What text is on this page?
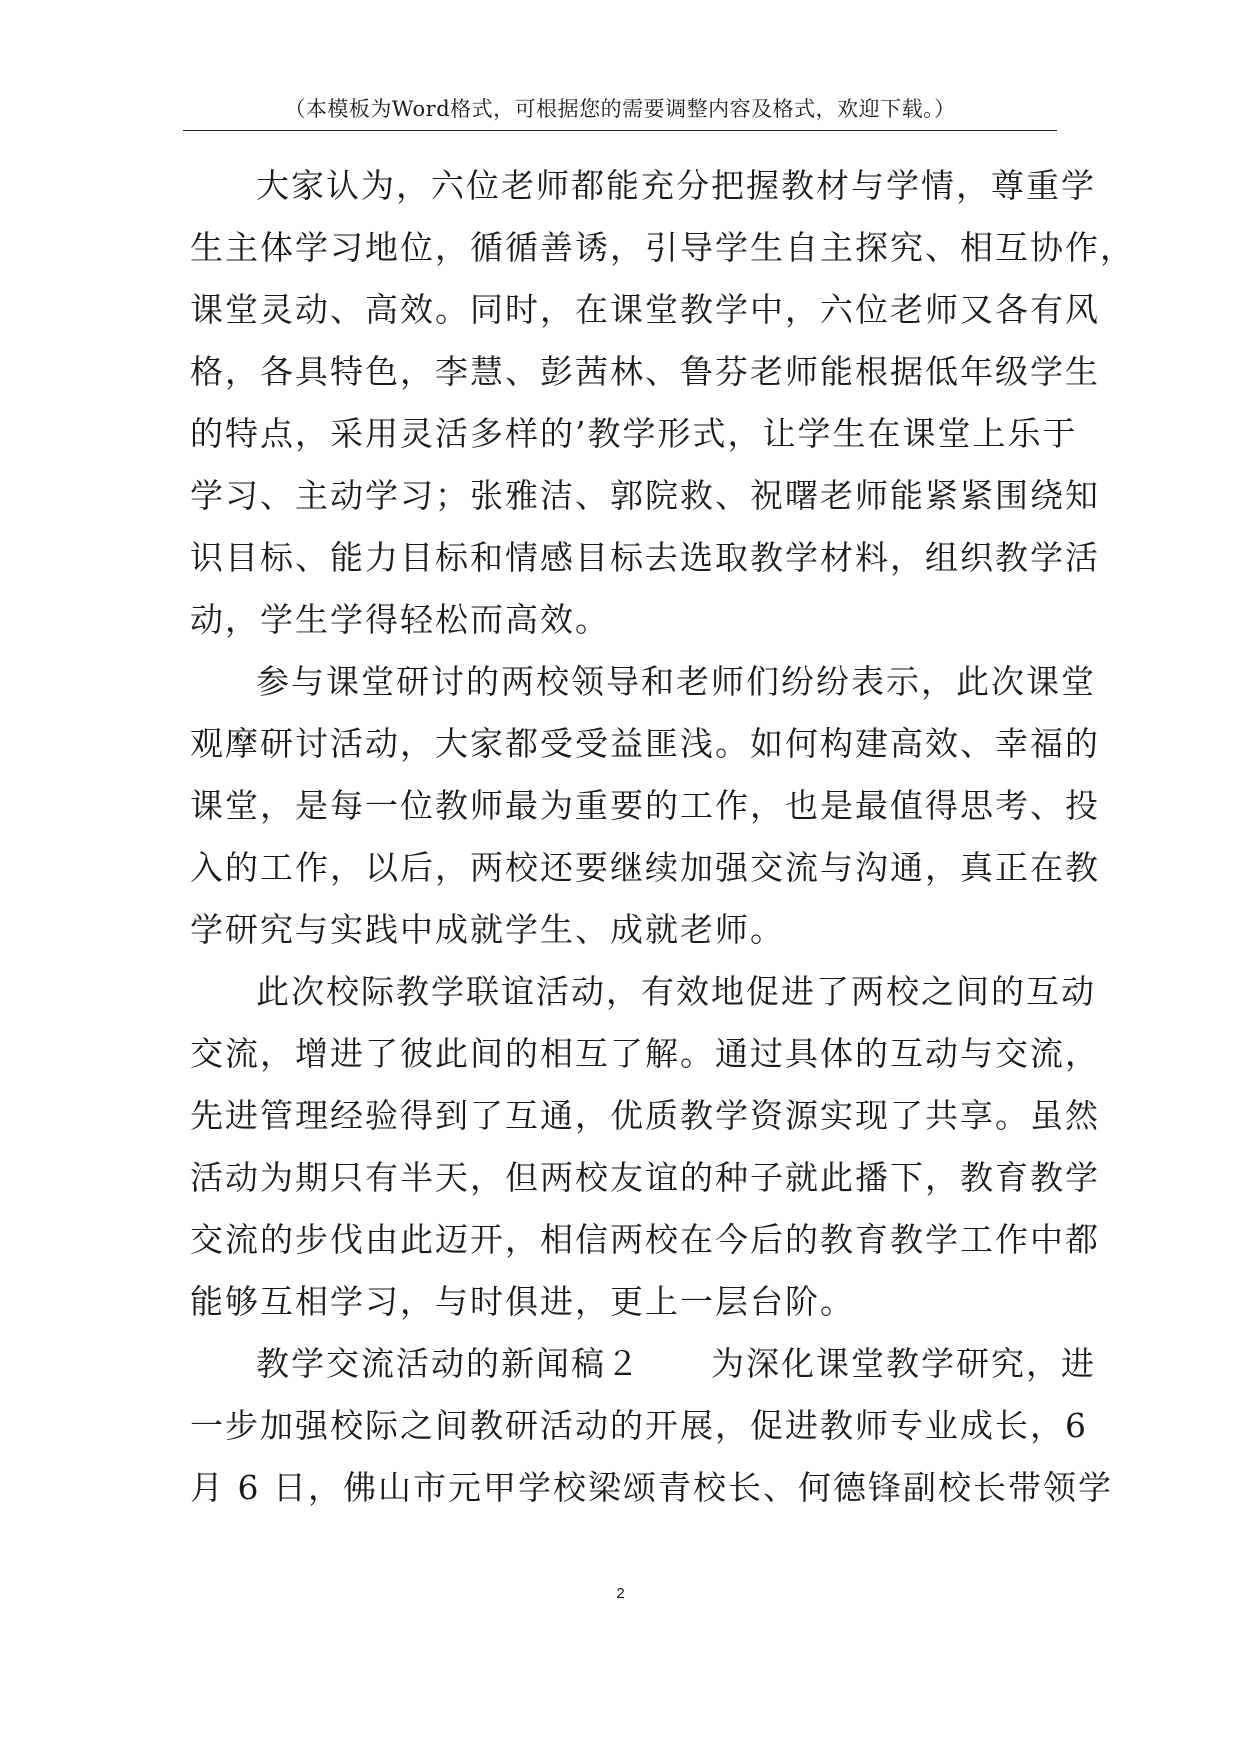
（本模板为Word格式，可根据您的需要调整内容及格式，欢迎下载。）
大家认为，六位老师都能充分把握教材与学情，尊重学
生主体学习地位，循循善诱，引导学生自主探究、相互协作，
课堂灵动、高效。同时，在课堂教学中，六位老师又各有风
格，各具特色，李慧、彭茜林、鲁芬老师能根据低年级学生
的特点，采用灵活多样的’教学形式，让学生在课堂上乐于
学习、主动学习；张雅洁、郭院救、祝曙老师能紧紧围绕知
识目标、能力目标和情感目标去选取教学材料，组织教学活
动，学生学得轻松而高效。
参与课堂研讨的两校领导和老师们纷纷表示，此次课堂
观摩研讨活动，大家都受受益匪浅。如何构建高效、幸福的
课堂，是每一位教师最为重要的工作，也是最值得思考、投
入的工作，以后，两校还要继续加强交流与沟通，真正在教
学研究与实践中成就学生、成就老师。
此次校际教学联谊活动，有效地促进了两校之间的互动
交流，增进了彼此间的相互了解。通过具体的互动与交流，
先进管理经验得到了互通，优质教学资源实现了共享。虽然
活动为期只有半天，但两校友谊的种子就此播下，教育教学
交流的步伐由此迈开，相信两校在今后的教育教学工作中都
能够互相学习，与时俱进，更上一层台阶。
教学交流活动的新闻稿２　　为深化课堂教学研究，进
一步加强校际之间教研活动的开展，促进教师专业成长，6
月 6 日，佛山市元甲学校梁颂青校长、何德锋副校长带领学
2
